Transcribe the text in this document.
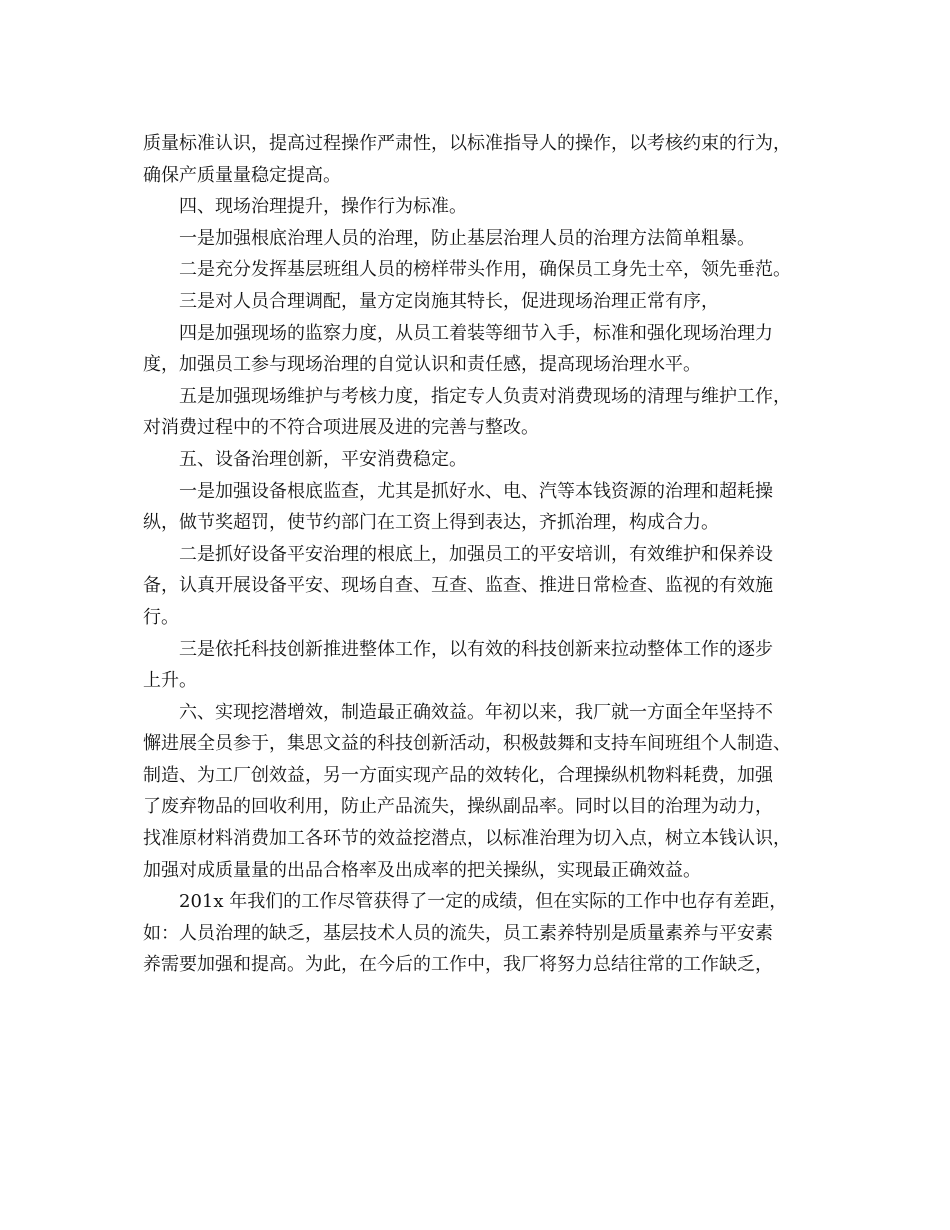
质量标准认识，提高过程操作严肃性，以标准指导人的操作，以考核约束的行为，
确保产质量量稳定提高。
四、现场治理提升，操作行为标准。
一是加强根底治理人员的治理，防止基层治理人员的治理方法简单粗暴。
二是充分发挥基层班组人员的榜样带头作用，确保员工身先士卒，领先垂范。
三是对人员合理调配，量方定岗施其特长，促进现场治理正常有序，
四是加强现场的监察力度，从员工着装等细节入手，标准和强化现场治理力
度，加强员工参与现场治理的自觉认识和责任感，提高现场治理水平。
五是加强现场维护与考核力度，指定专人负责对消费现场的清理与维护工作，
对消费过程中的不符合项进展及进的完善与整改。
五、设备治理创新，平安消费稳定。
一是加强设备根底监查，尤其是抓好水、电、汽等本钱资源的治理和超耗操
纵，做节奖超罚，使节约部门在工资上得到表达，齐抓治理，构成合力。
二是抓好设备平安治理的根底上，加强员工的平安培训，有效维护和保养设
备，认真开展设备平安、现场自查、互查、监查、推进日常检查、监视的有效施
行。
三是依托科技创新推进整体工作，以有效的科技创新来拉动整体工作的逐步
上升。
六、实现挖潜增效，制造最正确效益。年初以来，我厂就一方面全年坚持不
懈进展全员参于，集思文益的科技创新活动，积极鼓舞和支持车间班组个人制造、
制造、为工厂创效益，另一方面实现产品的效转化，合理操纵机物料耗费，加强
了废弃物品的回收利用，防止产品流失，操纵副品率。同时以目的治理为动力，
找准原材料消费加工各环节的效益挖潜点，以标准治理为切入点，树立本钱认识，
加强对成质量量的出品合格率及出成率的把关操纵，实现最正确效益。
201x 年我们的工作尽管获得了一定的成绩，但在实际的工作中也存有差距，
如：人员治理的缺乏，基层技术人员的流失，员工素养特别是质量素养与平安素
养需要加强和提高。为此，在今后的工作中，我厂将努力总结往常的工作缺乏，
